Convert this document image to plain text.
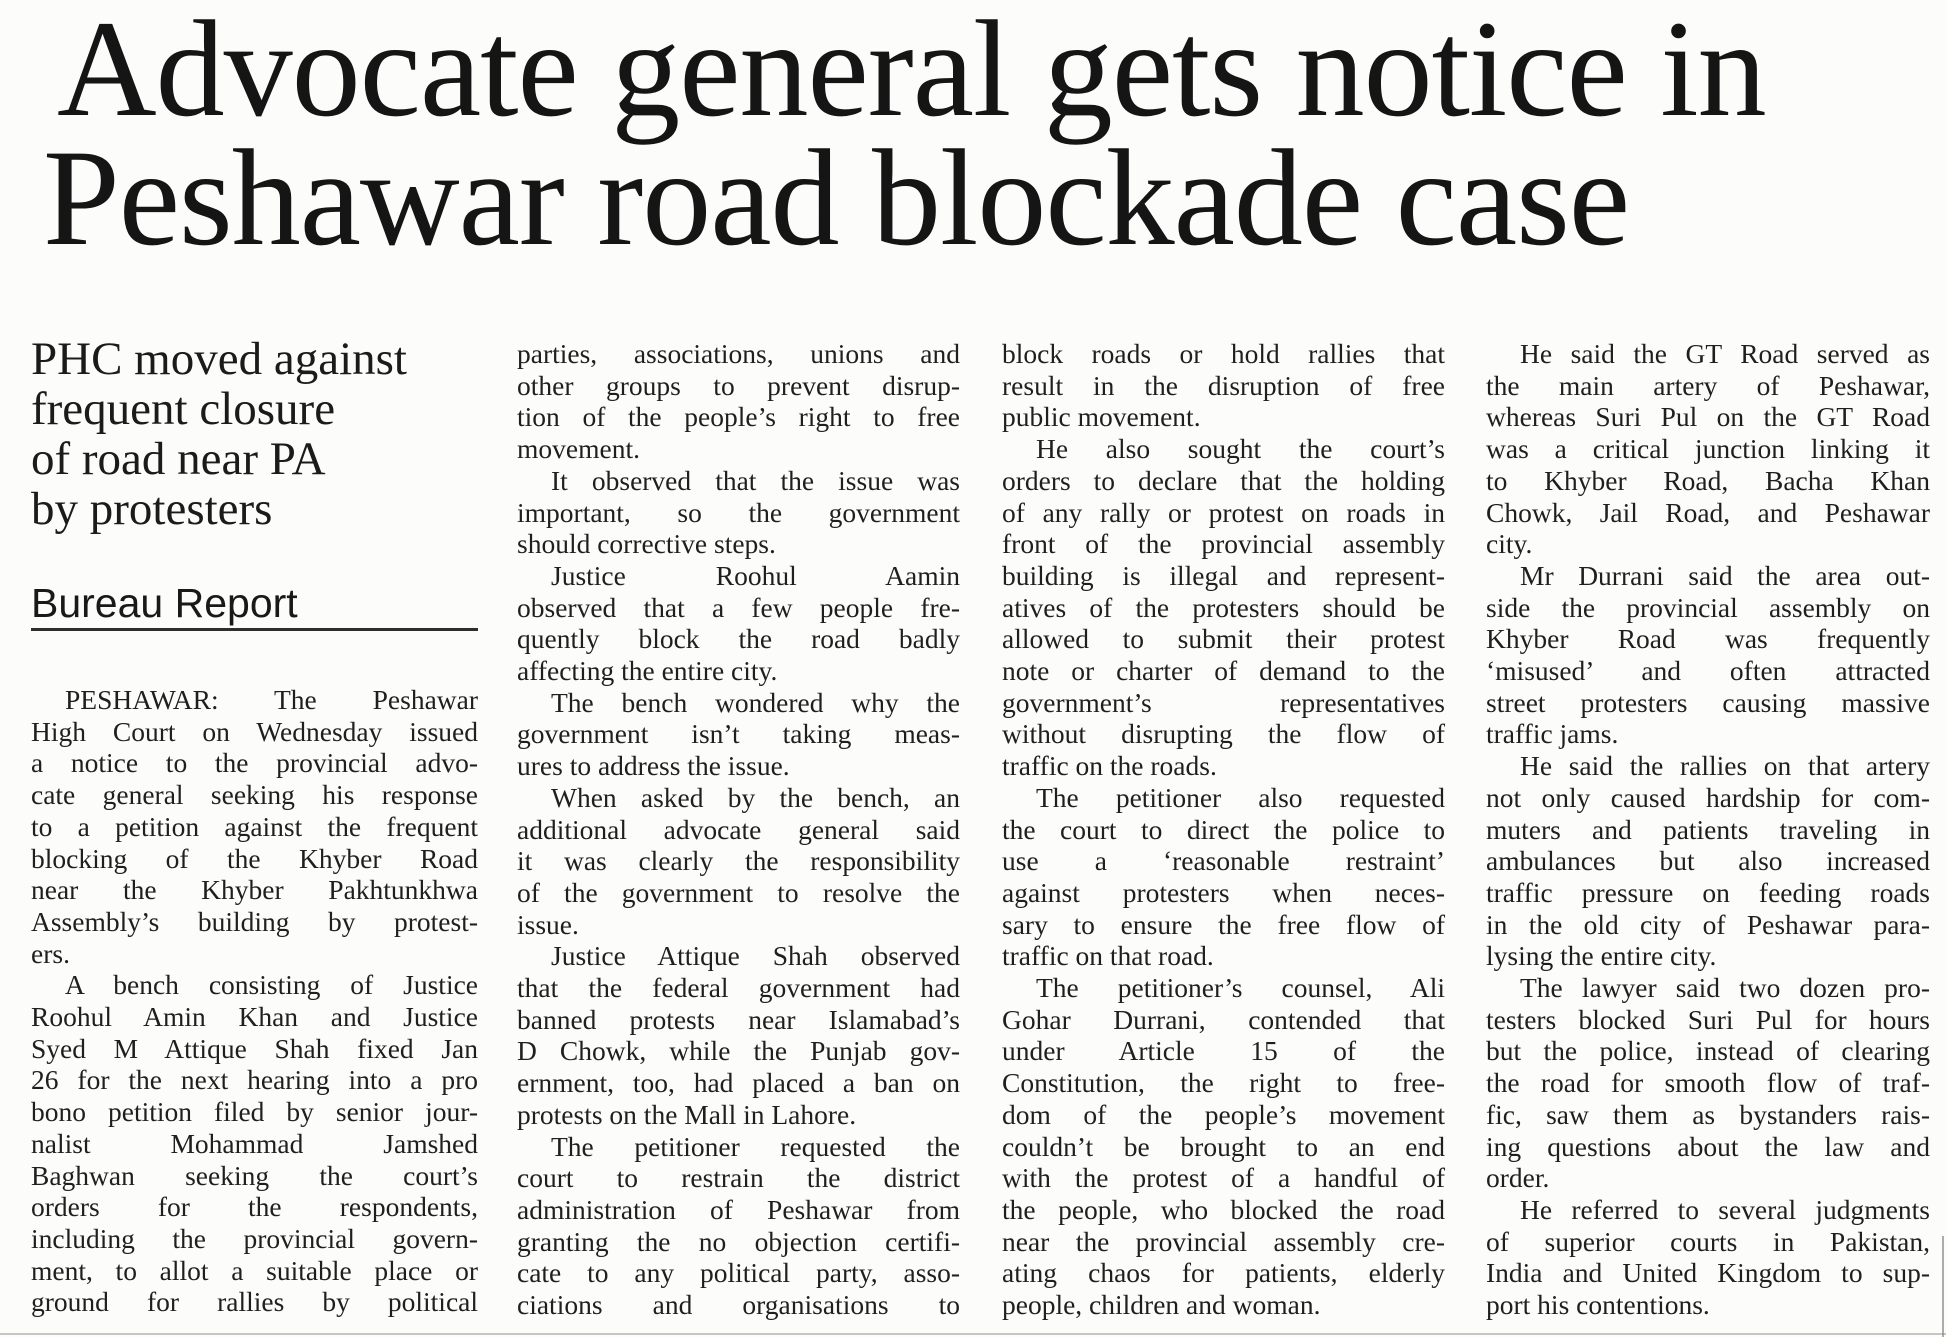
Advocate general gets notice in
Peshawar road blockade case
PHC moved against
frequent closure
of road near PA
by protesters
Bureau Report
PESHAWAR: The Peshawar
High Court on Wednesday issued
a notice to the provincial advo-
cate general seeking his response
to a petition against the frequent
blocking of the Khyber Road
near the Khyber Pakhtunkhwa
Assembly’s building by protest-
ers.
A bench consisting of Justice
Roohul Amin Khan and Justice
Syed M Attique Shah fixed Jan
26 for the next hearing into a pro
bono petition filed by senior jour-
nalist Mohammad Jamshed
Baghwan seeking the court’s
orders for the respondents,
including the provincial govern-
ment, to allot a suitable place or
ground for rallies by political
parties, associations, unions and
other groups to prevent disrup-
tion of the people’s right to free
movement.
It observed that the issue was
important, so the government
should corrective steps.
Justice Roohul Aamin
observed that a few people fre-
quently block the road badly
affecting the entire city.
The bench wondered why the
government isn’t taking meas-
ures to address the issue.
When asked by the bench, an
additional advocate general said
it was clearly the responsibility
of the government to resolve the
issue.
Justice Attique Shah observed
that the federal government had
banned protests near Islamabad’s
D Chowk, while the Punjab gov-
ernment, too, had placed a ban on
protests on the Mall in Lahore.
The petitioner requested the
court to restrain the district
administration of Peshawar from
granting the no objection certifi-
cate to any political party, asso-
ciations and organisations to
block roads or hold rallies that
result in the disruption of free
public movement.
He also sought the court’s
orders to declare that the holding
of any rally or protest on roads in
front of the provincial assembly
building is illegal and represent-
atives of the protesters should be
allowed to submit their protest
note or charter of demand to the
government’s representatives
without disrupting the flow of
traffic on the roads.
The petitioner also requested
the court to direct the police to
use a ‘reasonable restraint’
against protesters when neces-
sary to ensure the free flow of
traffic on that road.
The petitioner’s counsel, Ali
Gohar Durrani, contended that
under Article 15 of the
Constitution, the right to free-
dom of the people’s movement
couldn’t be brought to an end
with the protest of a handful of
the people, who blocked the road
near the provincial assembly cre-
ating chaos for patients, elderly
people, children and woman.
He said the GT Road served as
the main artery of Peshawar,
whereas Suri Pul on the GT Road
was a critical junction linking it
to Khyber Road, Bacha Khan
Chowk, Jail Road, and Peshawar
city.
Mr Durrani said the area out-
side the provincial assembly on
Khyber Road was frequently
‘misused’ and often attracted
street protesters causing massive
traffic jams.
He said the rallies on that artery
not only caused hardship for com-
muters and patients traveling in
ambulances but also increased
traffic pressure on feeding roads
in the old city of Peshawar para-
lysing the entire city.
The lawyer said two dozen pro-
testers blocked Suri Pul for hours
but the police, instead of clearing
the road for smooth flow of traf-
fic, saw them as bystanders rais-
ing questions about the law and
order.
He referred to several judgments
of superior courts in Pakistan,
India and United Kingdom to sup-
port his contentions.
